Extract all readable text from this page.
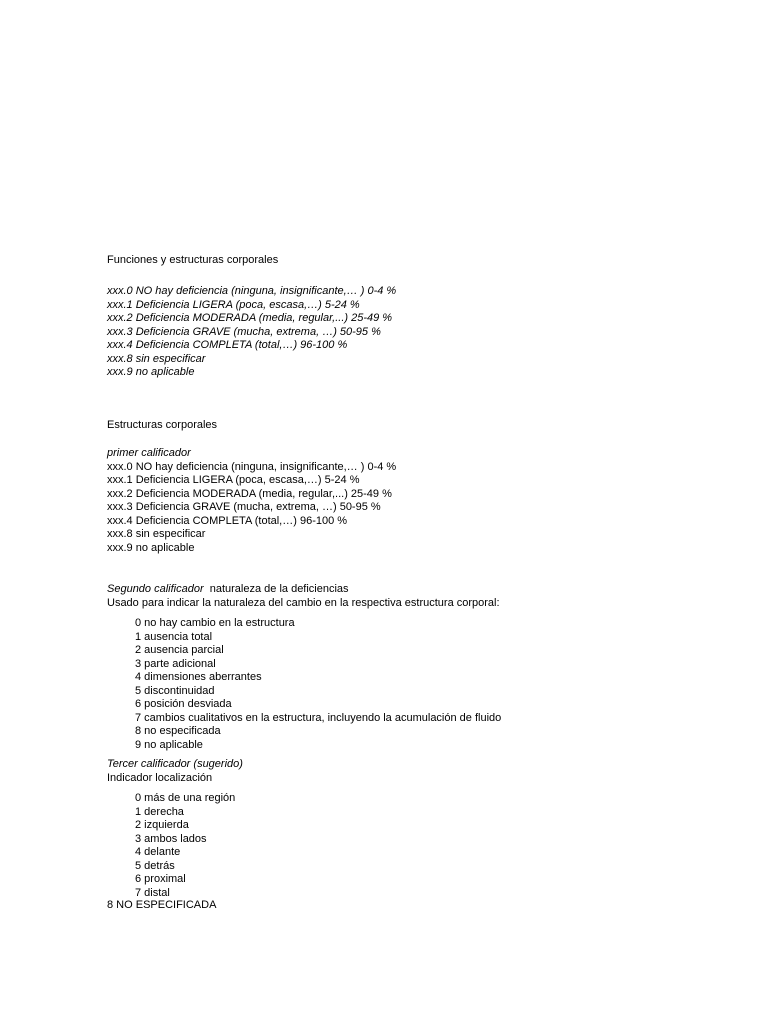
Funciones y estructuras corporales
xxx.0 NO hay deficiencia (ninguna, insignificante,… ) 0-4 %
xxx.1 Deficiencia LIGERA (poca, escasa,…) 5-24 %
xxx.2 Deficiencia MODERADA (media, regular,...) 25-49 %
xxx.3 Deficiencia GRAVE (mucha, extrema, …) 50-95 %
xxx.4 Deficiencia COMPLETA (total,…) 96-100 %
xxx.8 sin especificar
xxx.9 no aplicable
Estructuras corporales
primer calificador
xxx.0 NO hay deficiencia (ninguna, insignificante,… ) 0-4 %
xxx.1 Deficiencia LIGERA (poca, escasa,…) 5-24 %
xxx.2 Deficiencia MODERADA (media, regular,...) 25-49 %
xxx.3 Deficiencia GRAVE (mucha, extrema, …) 50-95 %
xxx.4 Deficiencia COMPLETA (total,…) 96-100 %
xxx.8 sin especificar
xxx.9 no aplicable
Segundo calificador  naturaleza de la deficiencias
Usado para indicar la naturaleza del cambio en la respectiva estructura corporal:
0 no hay cambio en la estructura
1 ausencia total
2 ausencia parcial
3 parte adicional
4 dimensiones aberrantes
5 discontinuidad
6 posición desviada
7 cambios cualitativos en la estructura, incluyendo la acumulación de fluido
8 no especificada
9 no aplicable
Tercer calificador (sugerido)
Indicador localización
0 más de una región
1 derecha
2 izquierda
3 ambos lados
4 delante
5 detrás
6 proximal
7 distal
8 NO ESPECIFICADA
